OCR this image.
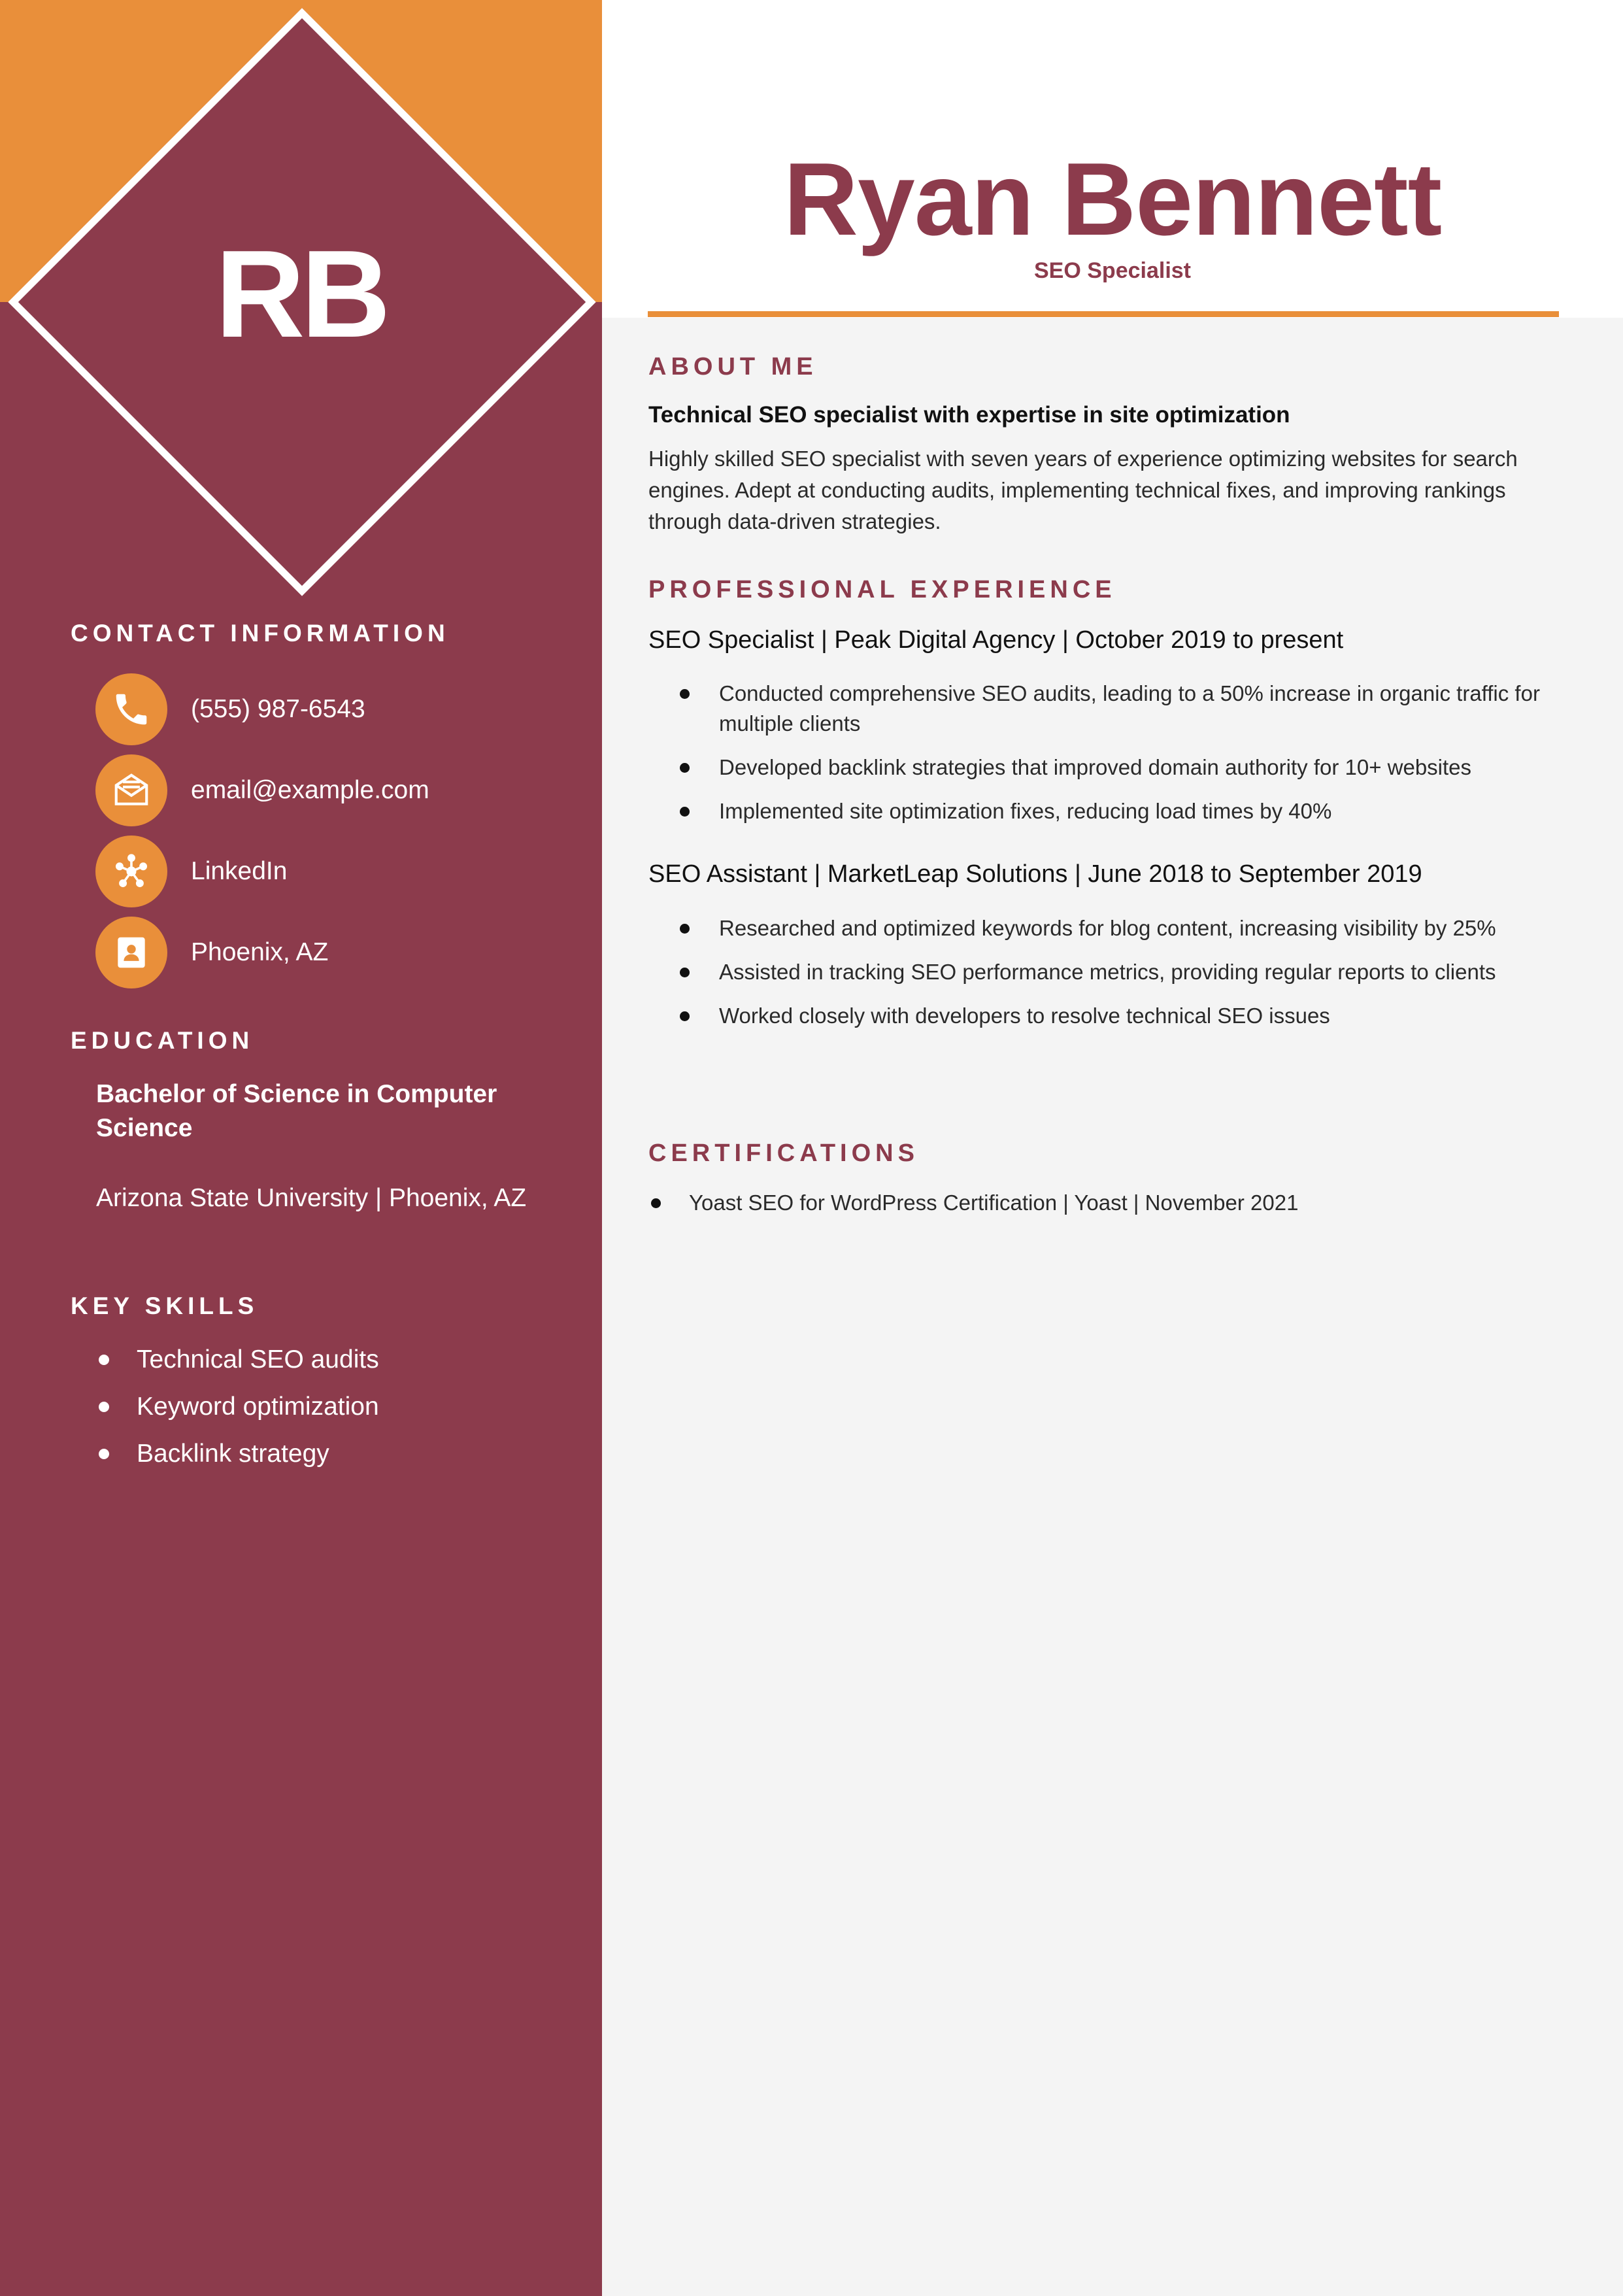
RB
CONTACT INFORMATION
(555) 987-6543
email@example.com
LinkedIn
Phoenix, AZ
EDUCATION

Bachelor of Science in Computer Science

Arizona State University | Phoenix, AZ

KEY SKILLS
Technical SEO audits
Keyword optimization
Backlink strategy
Ryan Bennett

SEO Specialist

ABOUT ME

Technical SEO specialist with expertise in site optimization

Highly skilled SEO specialist with seven years of experience optimizing websites for search engines. Adept at conducting audits, implementing technical fixes, and improving rankings through data-driven strategies.

PROFESSIONAL EXPERIENCE

SEO Specialist | Peak Digital Agency | October 2019 to present

Conducted comprehensive SEO audits, leading to a 50% increase in organic traffic for multiple clients
Developed backlink strategies that improved domain authority for 10+ websites
Implemented site optimization fixes, reducing load times by 40%

SEO Assistant | MarketLeap Solutions | June 2018 to September 2019

Researched and optimized keywords for blog content, increasing visibility by 25%
Assisted in tracking SEO performance metrics, providing regular reports to clients
Worked closely with developers to resolve technical SEO issues
CERTIFICATIONS
Yoast SEO for WordPress Certification | Yoast | November 2021
